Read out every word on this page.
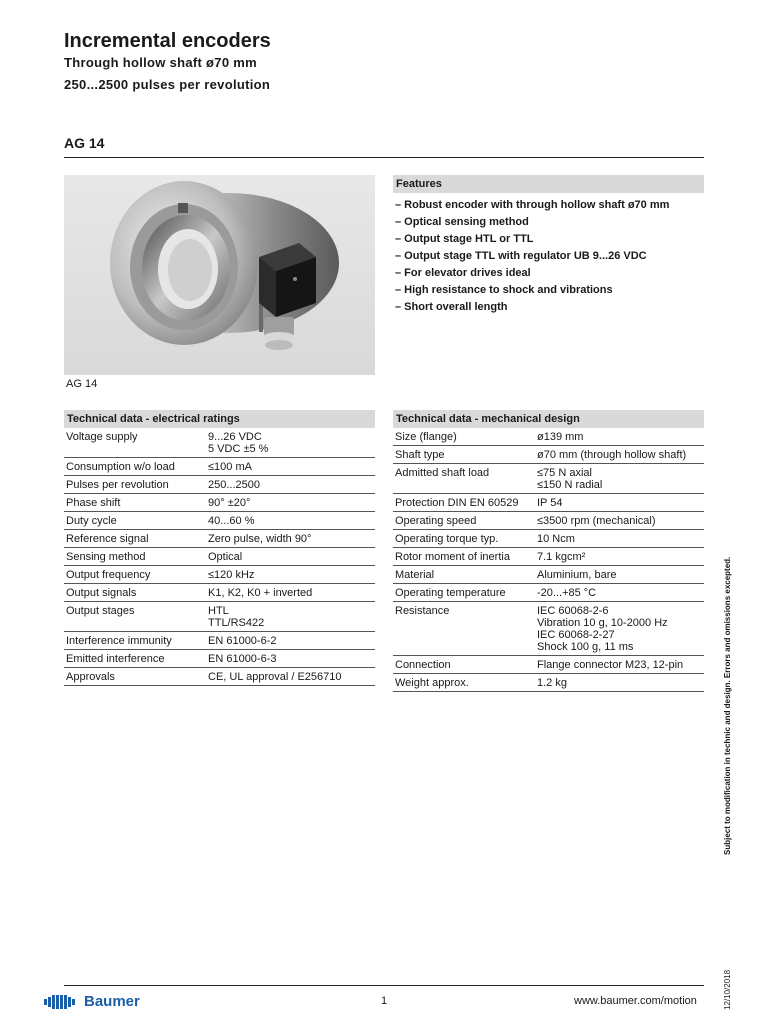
Incremental encoders
Through hollow shaft ø70 mm
250...2500 pulses per revolution
AG 14
AG 14
Features
– Robust encoder with through hollow shaft ø70 mm
– Optical sensing method
– Output stage HTL or TTL
– Output stage TTL with regulator UB 9...26 VDC
– For elevator drives ideal
– High resistance to shock and vibrations
– Short overall length
Technical data - electrical ratings
Voltage supply	9...26 VDC
5 VDC ±5 %
Consumption w/o load	≤100 mA
Pulses per revolution	250...2500
Phase shift	90° ±20°
Duty cycle	40...60 %
Reference signal	Zero pulse, width 90°
Sensing method	Optical
Output frequency	≤120 kHz
Output signals	K1, K2, K0 + inverted
Output stages	HTL
TTL/RS422
Interference immunity	EN 61000-6-2
Emitted interference	EN 61000-6-3
Approvals	CE, UL approval / E256710
Technical data - mechanical design
Size (flange)	ø139 mm
Shaft type	ø70 mm (through hollow shaft)
Admitted shaft load	≤75 N axial
≤150 N radial
Protection DIN EN 60529	IP 54
Operating speed	≤3500 rpm (mechanical)
Operating torque typ.	10 Ncm
Rotor moment of inertia	7.1 kgcm²
Material	Aluminium, bare
Operating temperature	-20...+85 °C
Resistance	IEC 60068-2-6
Vibration 10 g, 10-2000 Hz
IEC 60068-2-27
Shock 100 g, 11 ms
Connection	Flange connector M23, 12-pin
Weight approx.	1.2 kg	Subject to modification in technic and design. Errors and omissions excepted.
12/10/2018
Baumer	1	www.baumer.com/motion
